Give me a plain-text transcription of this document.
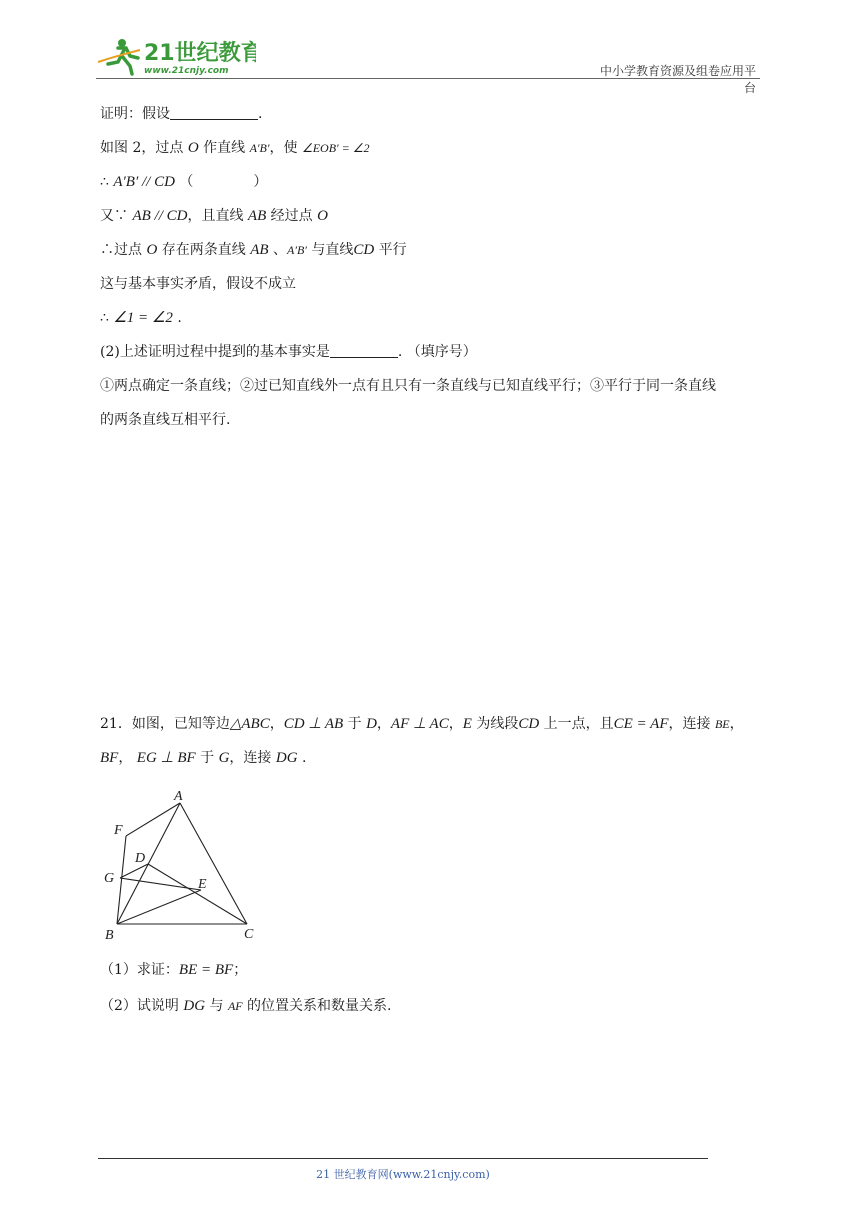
21世纪教育
www.21cnjy.com	中小学教育资源及组卷应用平台
证明：假设	.
如图 2，过点 O 作直线 A′B′，使 ∠EOB′ = ∠2
∴ A′B′ // CD （	）
又∵ AB // CD，且直线 AB 经过点 O
∴过点 O 存在两条直线 AB 、A′B′ 与直线CD 平行
这与基本事实矛盾，假设不成立
∴ ∠1 = ∠2 .
(2)上述证明过程中提到的基本事实是	. （填序号）
①两点确定一条直线；②过已知直线外一点有且只有一条直线与已知直线平行；③平行于同一条直线
的两条直线互相平行.
21．如图，已知等边△ABC，CD ⊥ AB 于 D，AF ⊥ AC，E 为线段CD 上一点，且CE = AF，连接 BE，
BF， EG ⊥ BF 于 G，连接 DG .
A
F
D
G	E
B	C
（1）求证：BE = BF；
（2）试说明 DG 与 AF 的位置关系和数量关系.
21 世纪教育网(www.21cnjy.com)
